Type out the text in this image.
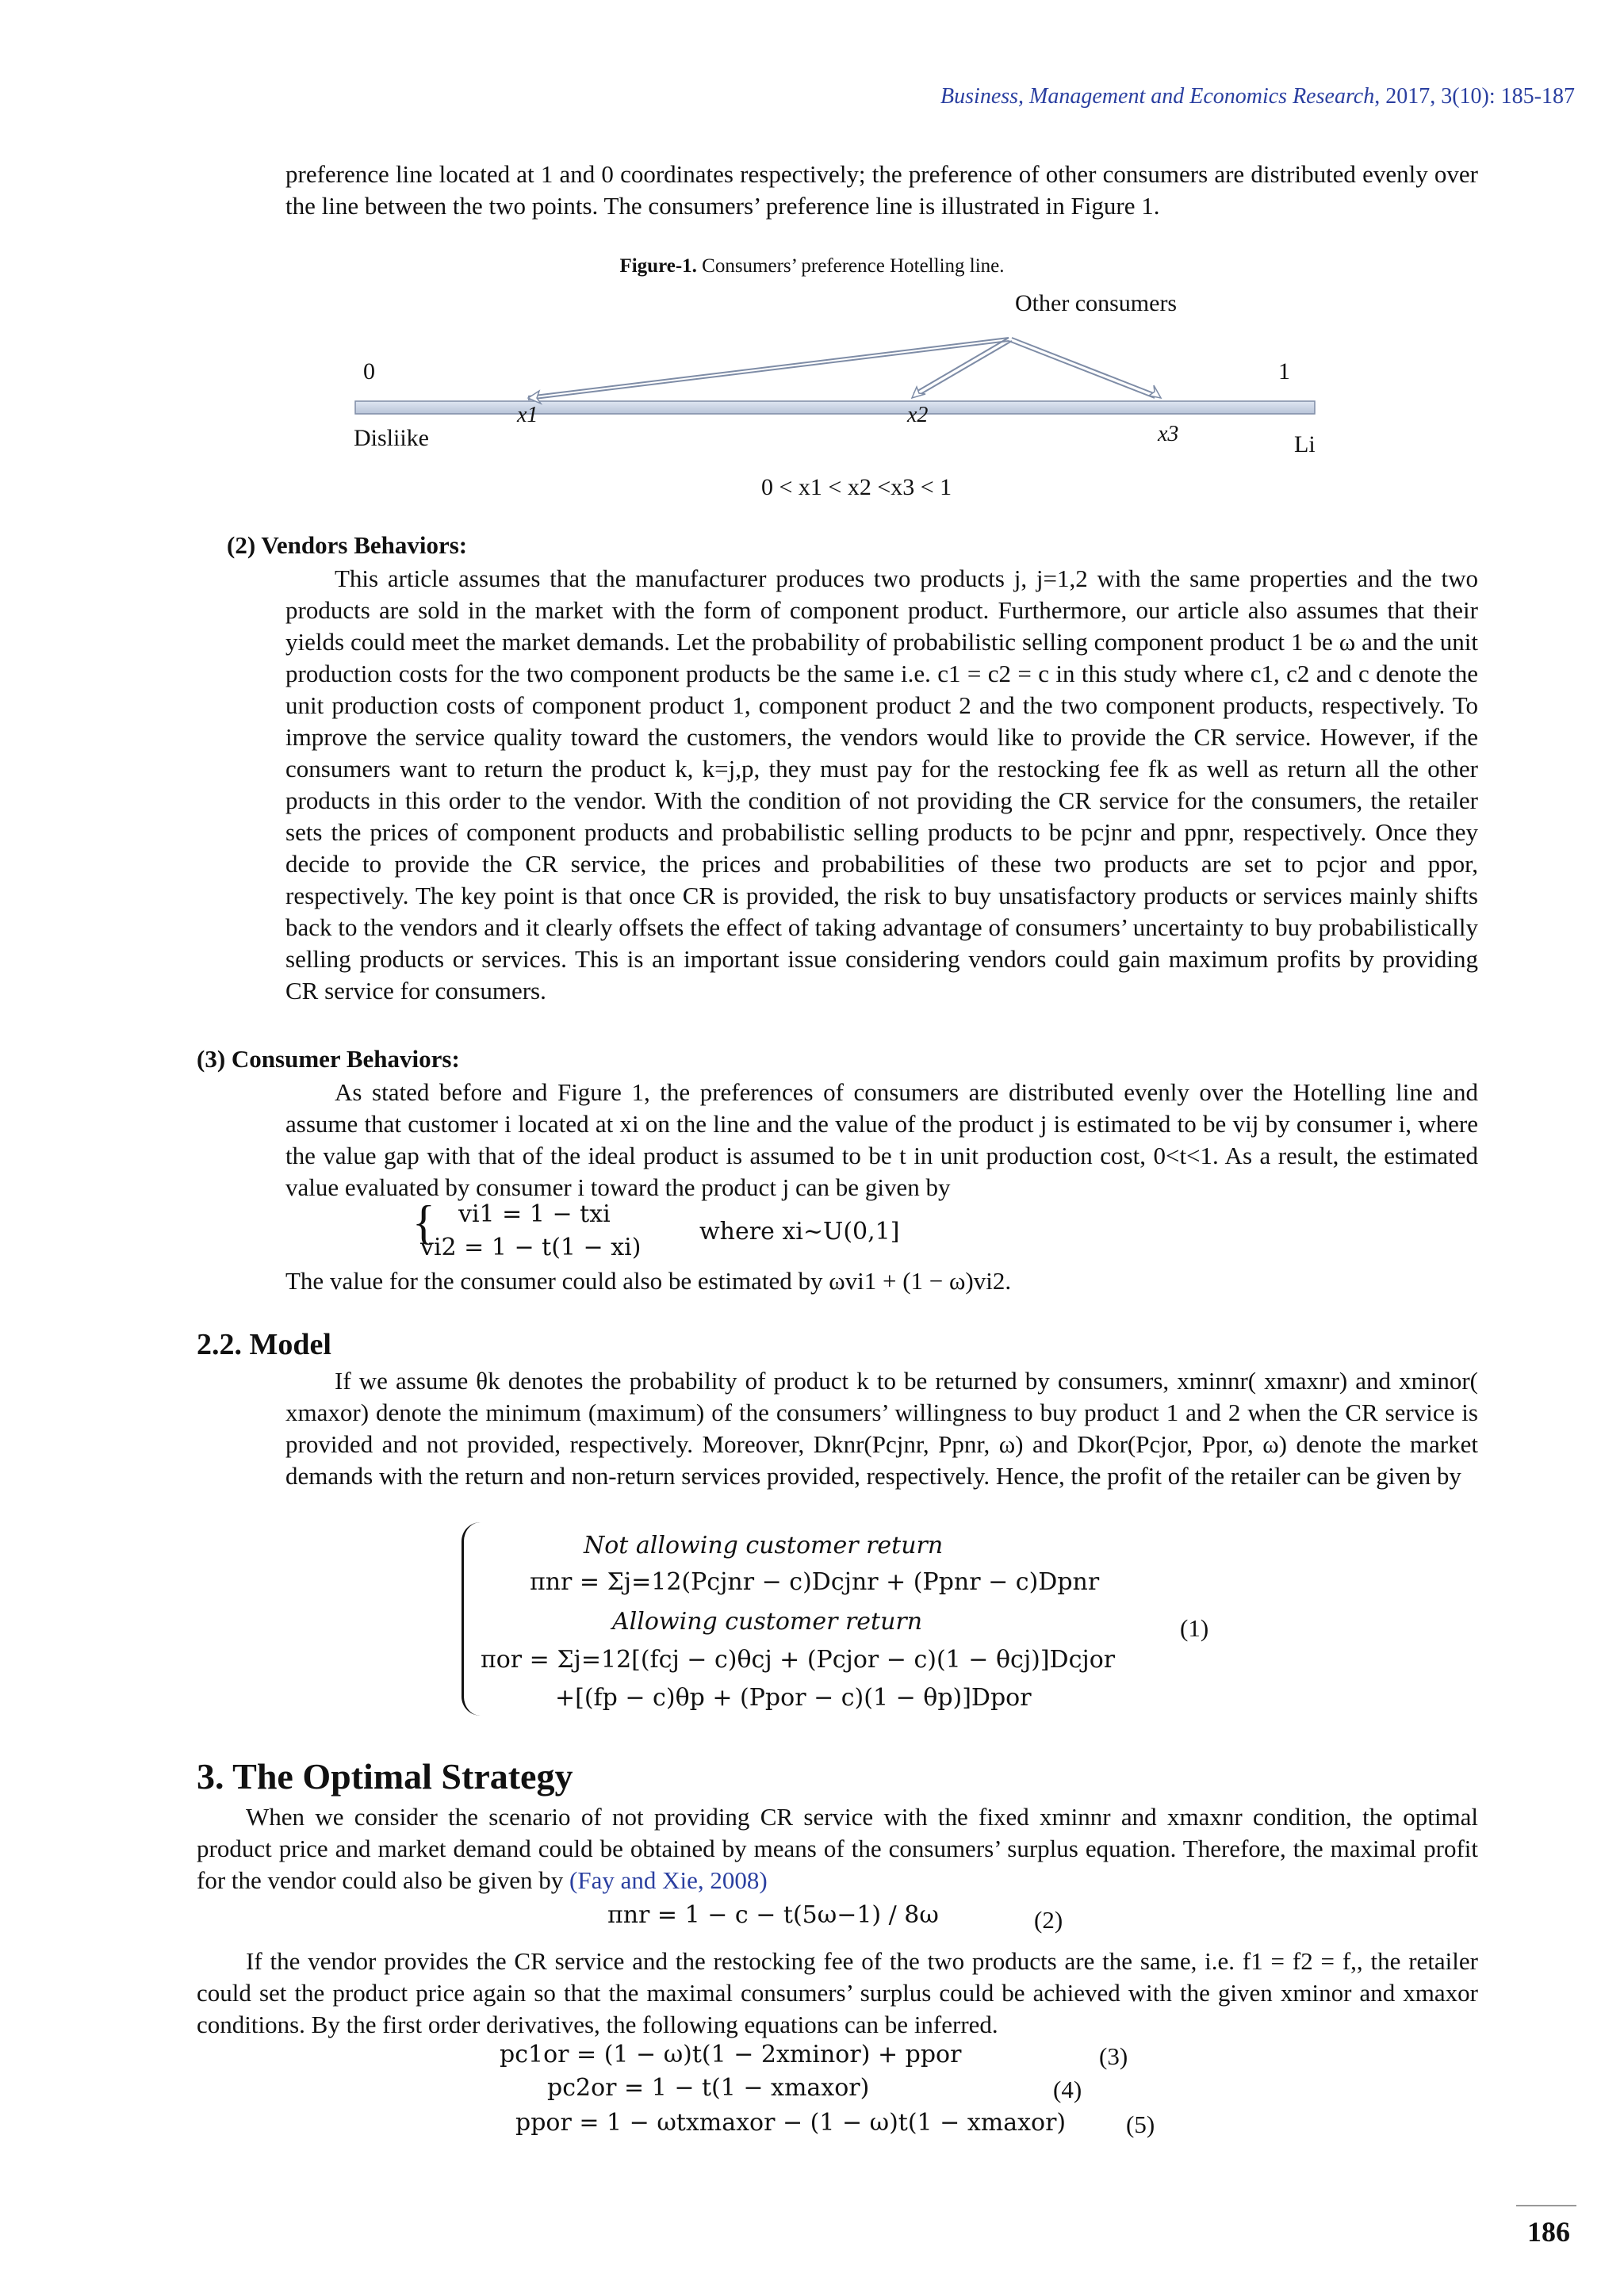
Business, Management and Economics Research, 2017, 3(10): 185-187

preference line located at 1 and 0 coordinates respectively; the preference of other consumers are distributed evenly over the line between the two points. The consumers’ preference line is illustrated in Figure 1.

Figure-1. Consumers’ preference Hotelling line.
Other consumers
0	1
x1	x2
x3
Disliike	Li
0 < x1 < x2 <x3 < 1
(2) Vendors Behaviors:

This article assumes that the manufacturer produces two products j, j=1,2 with the same properties and the two products are sold in the market with the form of component product. Furthermore, our article also assumes that their yields could meet the market demands. Let the probability of probabilistic selling component product 1 be ω and the unit production costs for the two component products be the same i.e. c1 = c2 = c in this study where c1, c2 and c denote the unit production costs of component product 1, component product 2 and the two component products, respectively. To improve the service quality toward the customers, the vendors would like to provide the CR service. However, if the consumers want to return the product k, k=j,p, they must pay for the restocking fee fk as well as return all the other products in this order to the vendor. With the condition of not providing the CR service for the consumers, the retailer sets the prices of component products and probabilistic selling products to be pcjnr and ppnr, respectively. Once they decide to provide the CR service, the prices and probabilities of these two products are set to pcjor and ppor, respectively. The key point is that once CR is provided, the risk to buy unsatisfactory products or services mainly shifts back to the vendors and it clearly offsets the effect of taking advantage of consumers’ uncertainty to buy probabilistically selling products or services. This is an important issue considering vendors could gain maximum profits by providing CR service for consumers.

(3) Consumer Behaviors:

As stated before and Figure 1, the preferences of consumers are distributed evenly over the Hotelling line and assume that customer i located at xi on the line and the value of the product j is estimated to be vij by consumer i, where the value gap with that of the ideal product is assumed to be t in unit production cost, 0<t<1. As a result, the estimated value evaluated by consumer i toward the product j can be given by

{ vi1 = 1 − txi
vi2 = 1 − t(1 − xi)
where xi~U(0,1]

The value for the consumer could also be estimated by ωvi1 + (1 − ω)vi2.

2.2. Model

If we assume θk denotes the probability of product k to be returned by consumers, xminnr( xmaxnr) and xminor( xmaxor) denote the minimum (maximum) of the consumers’ willingness to buy product 1 and 2 when the CR service is provided and not provided, respectively. Moreover, Dknr(Pcjnr, Ppnr, ω) and Dkor(Pcjor, Ppor, ω) denote the market demands with the return and non-return services provided, respectively. Hence, the profit of the retailer can be given by

Not allowing customer return
πnr = Σj=12(Pcjnr − c)Dcjnr + (Ppnr − c)Dpnr
Allowing customer return
πor = Σj=12[(fcj − c)θcj + (Pcjor − c)(1 − θcj)]Dcjor
+[(fp − c)θp + (Ppor − c)(1 − θp)]Dpor
(1)
3. The Optimal Strategy

When we consider the scenario of not providing CR service with the fixed xminnr and xmaxnr condition, the optimal product price and market demand could be obtained by means of the consumers’ surplus equation. Therefore, the maximal profit for the vendor could also be given by (Fay and Xie, 2008)

πnr = 1 − c − t(5ω−1) / 8ω	(2)

If the vendor provides the CR service and the restocking fee of the two products are the same, i.e. f1 = f2 = f,, the retailer could set the product price again so that the maximal consumers’ surplus could be achieved with the given xminor and xmaxor conditions. By the first order derivatives, the following equations can be inferred.

pc1or = (1 − ω)t(1 − 2xminor) + ppor	(3)
pc2or = 1 − t(1 − xmaxor)	(4)
ppor = 1 − ωtxmaxor − (1 − ω)t(1 − xmaxor) (5)
186
